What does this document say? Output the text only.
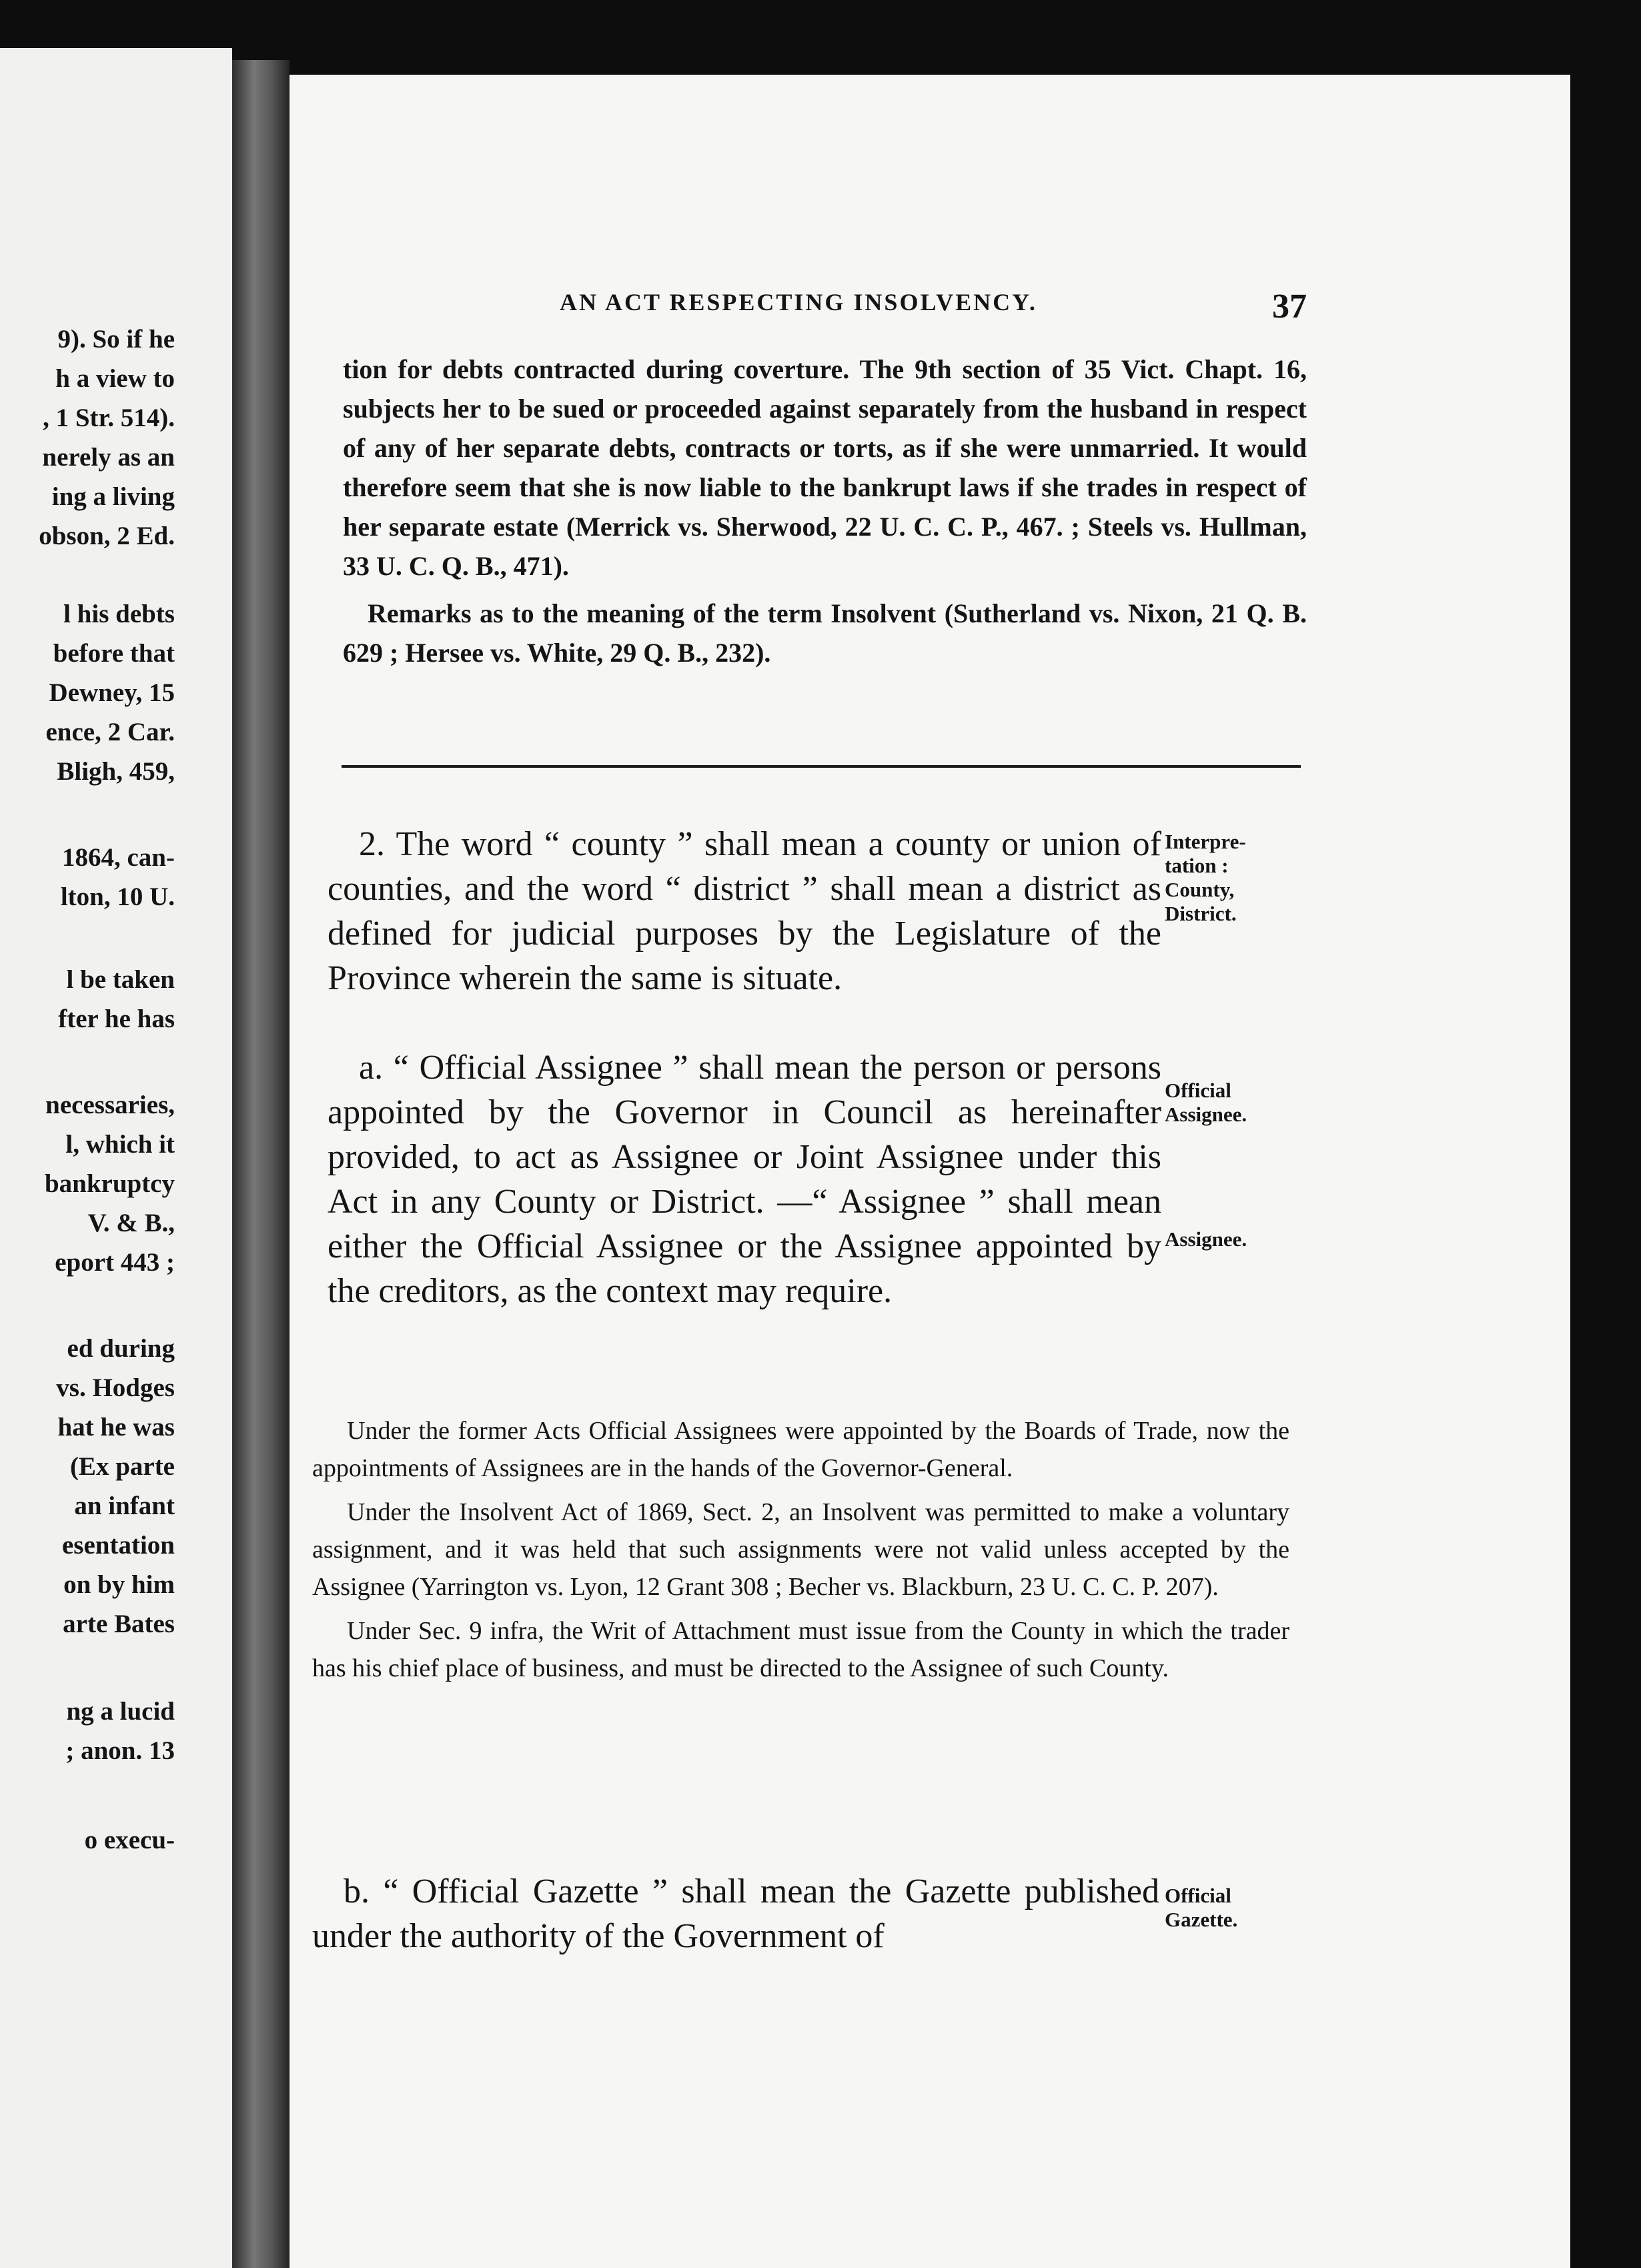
9). So if he
h a view to
, 1 Str. 514).
nerely as an
ing a living
obson, 2 Ed.
l his debts
before that
Dewney, 15
ence, 2 Car.
Bligh, 459,
1864, can-
lton, 10 U.
l be taken
fter he has
necessaries,
l, which it
bankruptcy
V. & B.,
eport 443 ;
ed during
vs. Hodges
hat he was
(Ex parte
an infant
esentation
on by him
arte Bates
ng a lucid
; anon. 13
o execu-
AN ACT RESPECTING INSOLVENCY.	37

tion for debts contracted during coverture. The 9th section of 35 Vict. Chapt. 16, subjects her to be sued or proceeded against separately from the husband in respect of any of her separate debts, contracts or torts, as if she were unmarried. It would therefore seem that she is now liable to the bankrupt laws if she trades in respect of her separate estate (Merrick vs. Sherwood, 22 U. C. C. P., 467. ; Steels vs. Hullman, 33 U. C. Q. B., 471).

Remarks as to the meaning of the term Insolvent (Sutherland vs. Nixon, 21 Q. B. 629 ; Hersee vs. White, 29 Q. B., 232).

2. The word “ county ” shall mean a county or union of counties, and the word “ district ” shall mean a district as defined for judicial purposes by the Legislature of the Province wherein the same is situate.

Interpre-
tation :
County,
District.

a. “ Official Assignee ” shall mean the person or persons appointed by the Governor in Council as hereinafter provided, to act as Assignee or Joint Assignee under this Act in any County or District. —“ Assignee ” shall mean either the Official Assignee or the Assignee appointed by the creditors, as the context may require.

Official
Assignee.
Assignee.

Under the former Acts Official Assignees were appointed by the Boards of Trade, now the appointments of Assignees are in the hands of the Governor-General.

Under the Insolvent Act of 1869, Sect. 2, an Insolvent was permitted to make a voluntary assignment, and it was held that such assignments were not valid unless accepted by the Assignee (Yarrington vs. Lyon, 12 Grant 308 ; Becher vs. Blackburn, 23 U. C. C. P. 207).

Under Sec. 9 infra, the Writ of Attachment must issue from the County in which the trader has his chief place of business, and must be directed to the Assignee of such County.

b. “ Official Gazette ” shall mean the Gazette published under the authority of the Government of

Official
Gazette.
